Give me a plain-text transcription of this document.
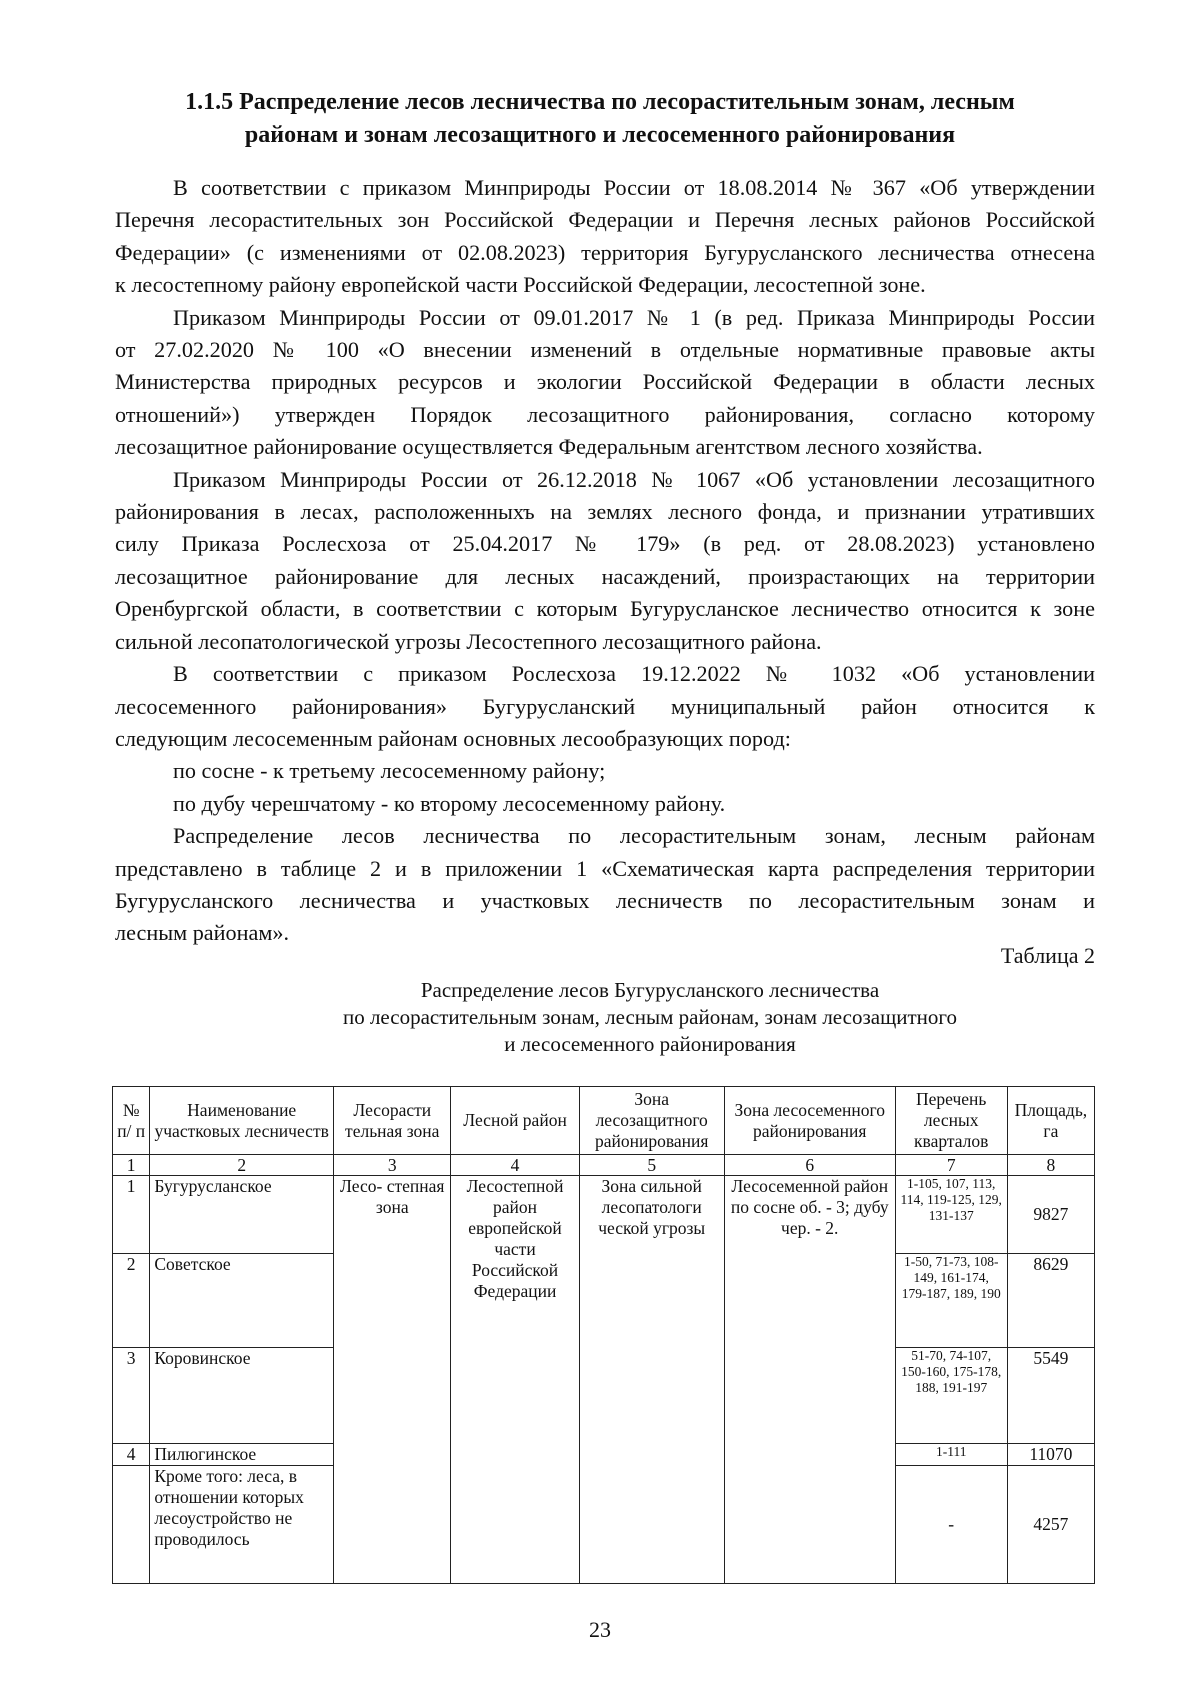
1.1.5 Распределение лесов лесничества по лесорастительным зонам, лесным
районам и зонам лесозащитного и лесосеменного районирования
В соответствии с приказом Минприроды России от 18.08.2014 № 367 «Об утверждении
Перечня лесорастительных зон Российской Федерации и Перечня лесных районов Российской
Федерации» (с изменениями от 02.08.2023) территория Бугурусланского лесничества отнесена
к лесостепному району европейской части Российской Федерации, лесостепной зоне.
Приказом Минприроды России от 09.01.2017 № 1 (в ред. Приказа Минприроды России
от 27.02.2020 № 100 «О внесении изменений в отдельные нормативные правовые акты
Министерства природных ресурсов и экологии Российской Федерации в области лесных
отношений») утвержден Порядок лесозащитного районирования, согласно которому
лесозащитное районирование осуществляется Федеральным агентством лесного хозяйства.
Приказом Минприроды России от 26.12.2018 № 1067 «Об установлении лесозащитного
районирования в лесах, расположенныхъ на землях лесного фонда, и признании утративших
силу Приказа Рослесхоза от 25.04.2017 № 179» (в ред. от 28.08.2023) установлено
лесозащитное районирование для лесных насаждений, произрастающих на территории
Оренбургской области, в соответствии с которым Бугурусланское лесничество относится к зоне
сильной лесопатологической угрозы Лесостепного лесозащитного района.
В соответствии с приказом Рослесхоза 19.12.2022 № 1032 «Об установлении
лесосеменного районирования» Бугурусланский муниципальный район относится к
следующим лесосеменным районам основных лесообразующих пород:
по сосне - к третьему лесосеменному району;
по дубу черешчатому - ко второму лесосеменному району.
Распределение лесов лесничества по лесорастительным зонам, лесным районам
представлено в таблице 2 и в приложении 1 «Схематическая карта распределения территории
Бугурусланского лесничества и участковых лесничеств по лесорастительным зонам и
лесным районам».
Таблица 2
Распределение лесов Бугурусланского лесничества
по лесорастительным зонам, лесным районам, зонам лесозащитного
и лесосеменного районирования
№ п/ п	Наименование участковых лесничеств	Лесорасти тельная зона	Лесной район	Зона лесозащитного районирования	Зона лесосеменного районирования	Перечень лесных кварталов	Площадь, га
1	2	3	4	5	6	7	8
1	Бугурусланское	Лесо- степная зона	Лесостепной район европейской части Российской Федерации	Зона сильной лесопатологи ческой угрозы	Лесосеменной район по сосне об. - 3; дубу чер. - 2.	1-105, 107, 113, 114, 119-125, 129, 131-137	9827
2	Советское					1-50, 71-73, 108-149, 161-174, 179-187, 189, 190	8629
3	Коровинское					51-70, 74-107, 150-160, 175-178, 188, 191-197	5549
4	Пилюгинское					1-111	11070
	Кроме того: леса, в отношении которых лесоустройство не проводилось					-	4257
23
